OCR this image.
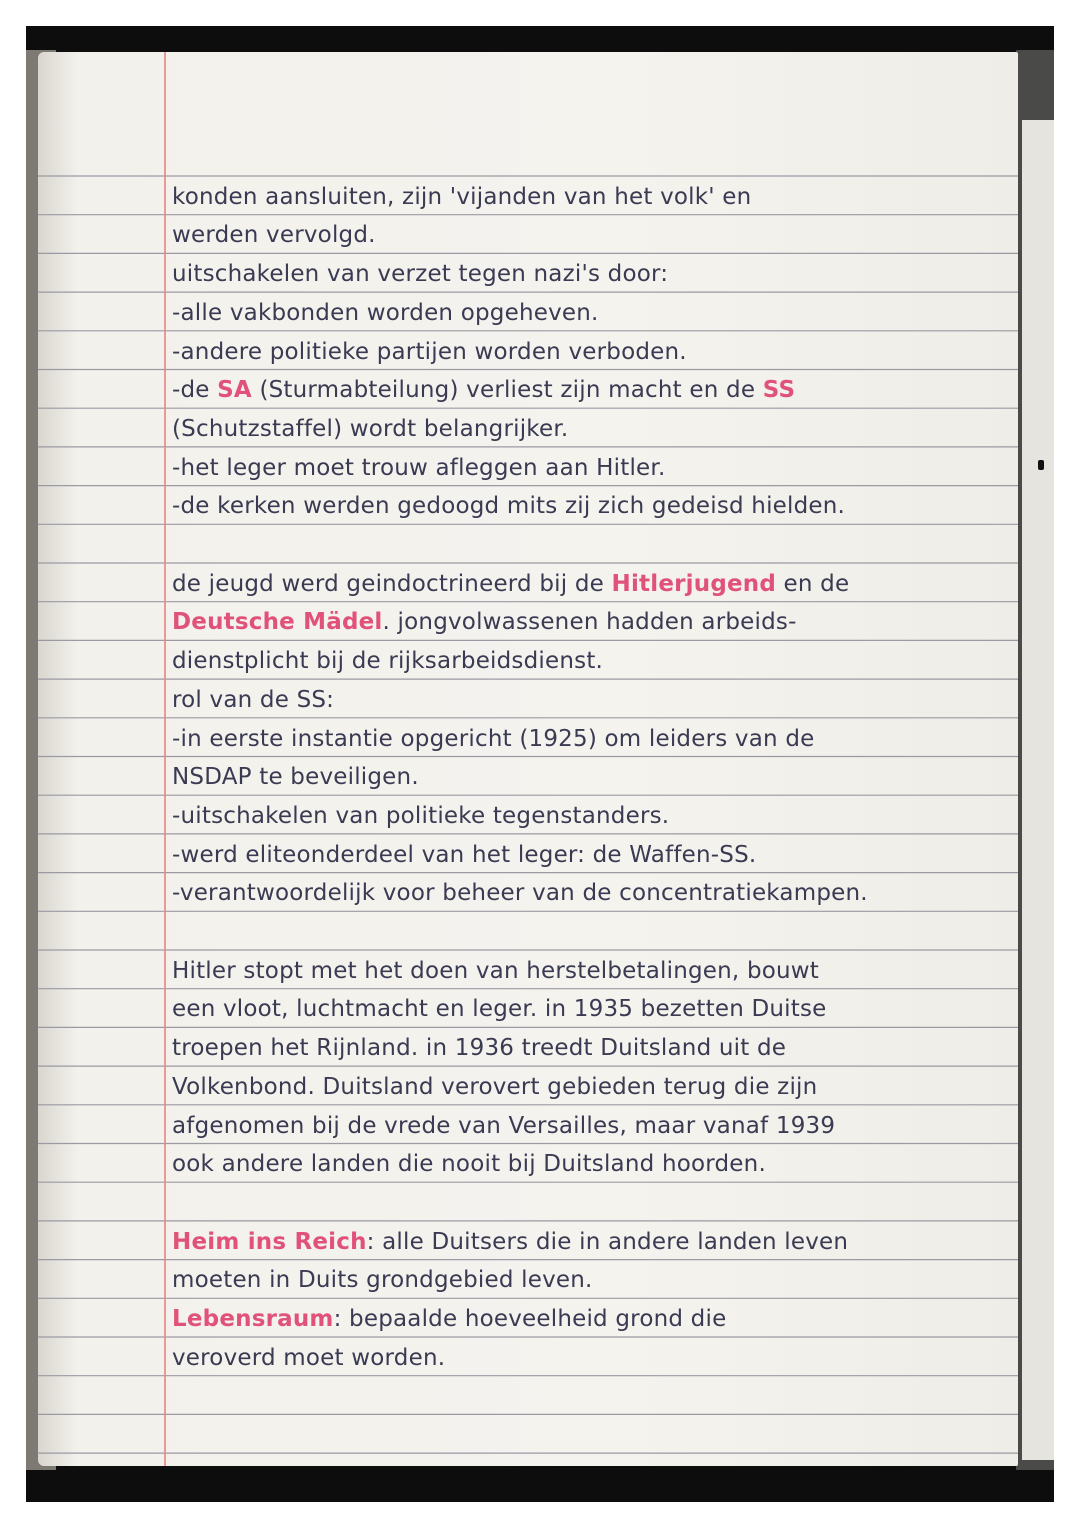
konden aansluiten, zijn 'vijanden van het volk' en
werden vervolgd.
uitschakelen van verzet tegen nazi's door:
-alle vakbonden worden opgeheven.
-andere politieke partijen worden verboden.
-de SA (Sturmabteilung) verliest zijn macht en de SS
(Schutzstaffel) wordt belangrijker.
-het leger moet trouw afleggen aan Hitler.
-de kerken werden gedoogd mits zij zich gedeisd hielden.
de jeugd werd geindoctrineerd bij de Hitlerjugend en de
Deutsche Mädel. jongvolwassenen hadden arbeids-
dienstplicht bij de rijksarbeidsdienst.
rol van de SS:
-in eerste instantie opgericht (1925) om leiders van de
NSDAP te beveiligen.
-uitschakelen van politieke tegenstanders.
-werd eliteonderdeel van het leger: de Waffen-SS.
-verantwoordelijk voor beheer van de concentratiekampen.
Hitler stopt met het doen van herstelbetalingen, bouwt
een vloot, luchtmacht en leger. in 1935 bezetten Duitse
troepen het Rijnland. in 1936 treedt Duitsland uit de
Volkenbond. Duitsland verovert gebieden terug die zijn
afgenomen bij de vrede van Versailles, maar vanaf 1939
ook andere landen die nooit bij Duitsland hoorden.
Heim ins Reich: alle Duitsers die in andere landen leven
moeten in Duits grondgebied leven.
Lebensraum: bepaalde hoeveelheid grond die
veroverd moet worden.
